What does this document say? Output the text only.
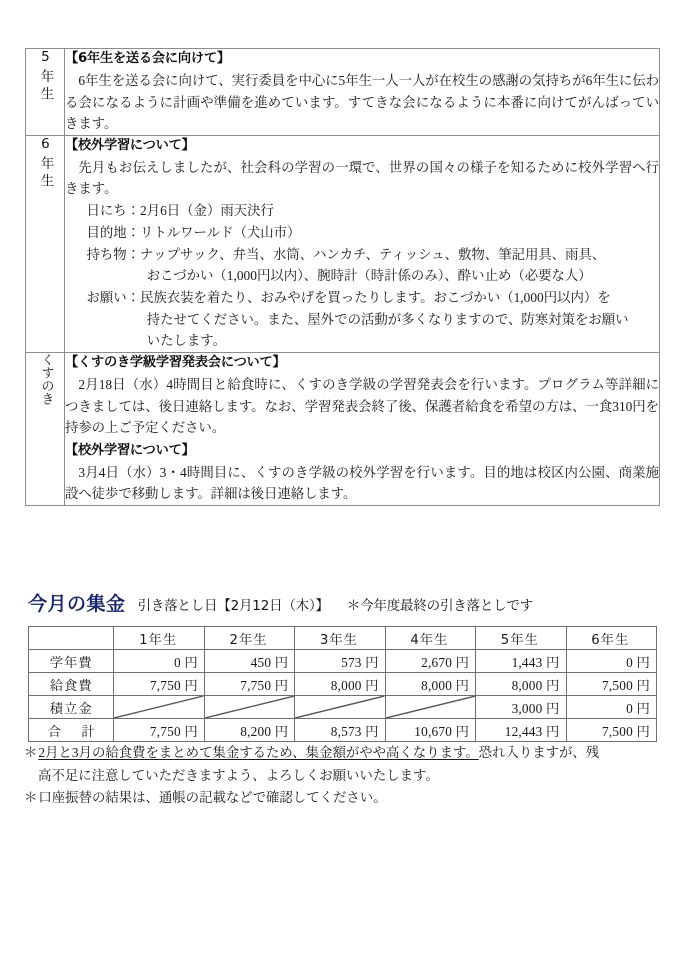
5年生	【6年生を送る会に向けて】

6年生を送る会に向けて、実行委員を中心に5年生一人一人が在校生の感謝の気持ちが6年生に伝わる会になるように計画や準備を進めています。すてきな会になるように本番に向けてがんばっていきます。

6年生	【校外学習について】

先月もお伝えしましたが、社会科の学習の一環で、世界の国々の様子を知るために校外学習へ行きます。

日にち：2月6日（金）雨天決行
目的地：リトルワールド（犬山市）
持ち物：ナップサック、弁当、水筒、ハンカチ、ティッシュ、敷物、筆記用具、雨具、
おこづかい（1,000円以内）、腕時計（時計係のみ）、酔い止め（必要な人）
お願い：民族衣装を着たり、おみやげを買ったりします。おこづかい（1,000円以内）を
持たせてください。また、屋外での活動が多くなりますので、防寒対策をお願い
いたします。

くすのき	【くすのき学級学習発表会について】

2月18日（水）4時間目と給食時に、くすのき学級の学習発表会を行います。プログラム等詳細につきましては、後日連絡します。なお、学習発表会終了後、保護者給食を希望の方は、一食310円を持参の上ご予定ください。

【校外学習について】

3月4日（水）3・4時間目に、くすのき学級の校外学習を行います。目的地は校区内公園、商業施設へ徒歩で移動します。詳細は後日連絡します。

今月の集金 引き落とし日【2月12日（木）】 ＊今年度最終の引き落としです
	1年生	2年生	3年生	4年生	5年生	6年生
学年費	0 円	450 円	573 円	2,670 円	1,443 円	0 円
給食費	7,750 円	7,750 円	8,000 円	8,000 円	8,000 円	7,500 円
積立金					3,000 円	0 円
合 計	7,750 円	8,200 円	8,573 円	10,670 円	12,443 円	7,500 円

＊2月と3月の給食費をまとめて集金するため、集金額がやや高くなります。恐れ入りますが、残

高不足に注意していただきますよう、よろしくお願いいたします。

＊口座振替の結果は、通帳の記載などで確認してください。
